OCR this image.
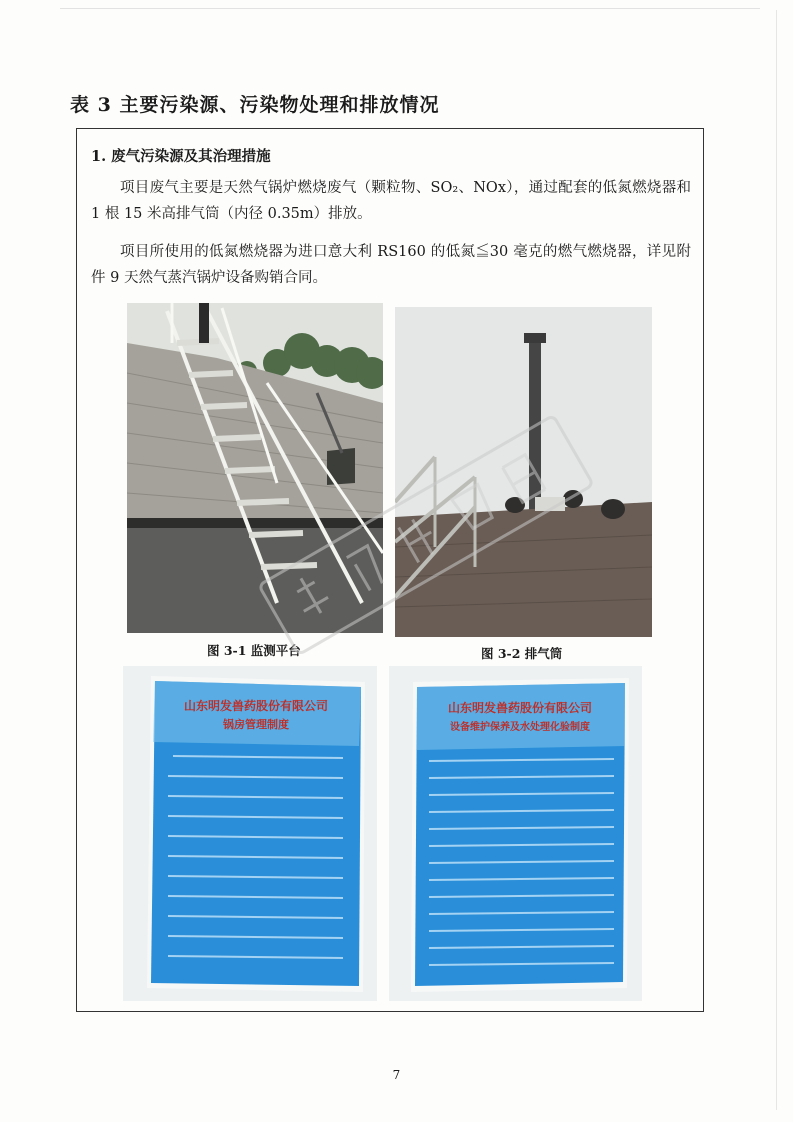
表 3 主要污染源、污染物处理和排放情况
1. 废气污染源及其治理措施

项目废气主要是天然气锅炉燃烧废气（颗粒物、SO₂、NOx），通过配套的低氮燃烧器和 1 根 15 米高排气筒（内径 0.35m）排放。

项目所使用的低氮燃烧器为进口意大利 RS160 的低氮≦30 毫克的燃气燃烧器，详见附件 9 天然气蒸汽锅炉设备购销合同。

图 3-1 监测平台	图 3-2 排气筒

山东明发兽药股份有限公司
锅房管理制度
山东明发兽药股份有限公司
设备维护保养及水处理化验制度
7
